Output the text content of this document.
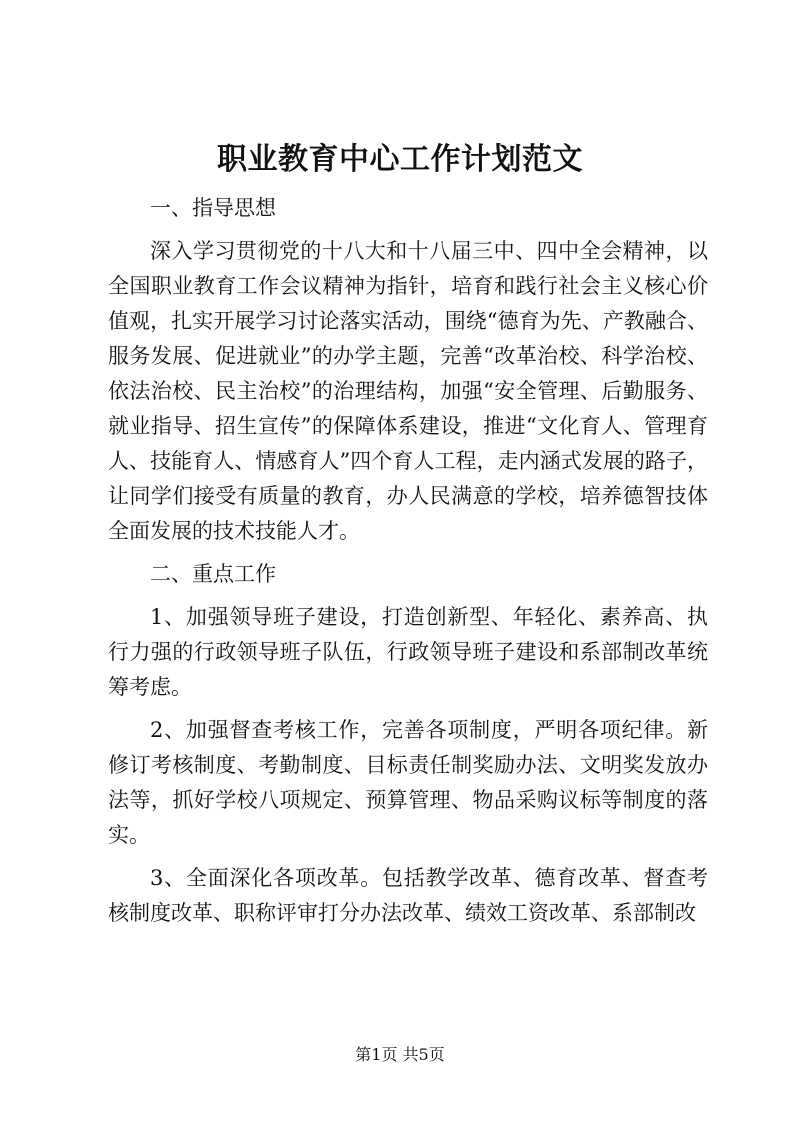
职业教育中心工作计划范文
一、指导思想

深入学习贯彻党的十八大和十八届三中、四中全会精神，以全国职业教育工作会议精神为指针，培育和践行社会主义核心价值观，扎实开展学习讨论落实活动，围绕“德育为先、产教融合、服务发展、促进就业”的办学主题，完善“改革治校、科学治校、依法治校、民主治校”的治理结构，加强“安全管理、后勤服务、就业指导、招生宣传”的保障体系建设，推进“文化育人、管理育人、技能育人、情感育人”四个育人工程，走内涵式发展的路子，让同学们接受有质量的教育，办人民满意的学校，培养德智技体全面发展的技术技能人才。

二、重点工作

1、加强领导班子建设，打造创新型、年轻化、素养高、执行力强的行政领导班子队伍，行政领导班子建设和系部制改革统筹考虑。

2、加强督查考核工作，完善各项制度，严明各项纪律。新修订考核制度、考勤制度、目标责任制奖励办法、文明奖发放办法等，抓好学校八项规定、预算管理、物品采购议标等制度的落实。

3、全面深化各项改革。包括教学改革、德育改革、督查考核制度改革、职称评审打分办法改革、绩效工资改革、系部制改

第1页 共5页
